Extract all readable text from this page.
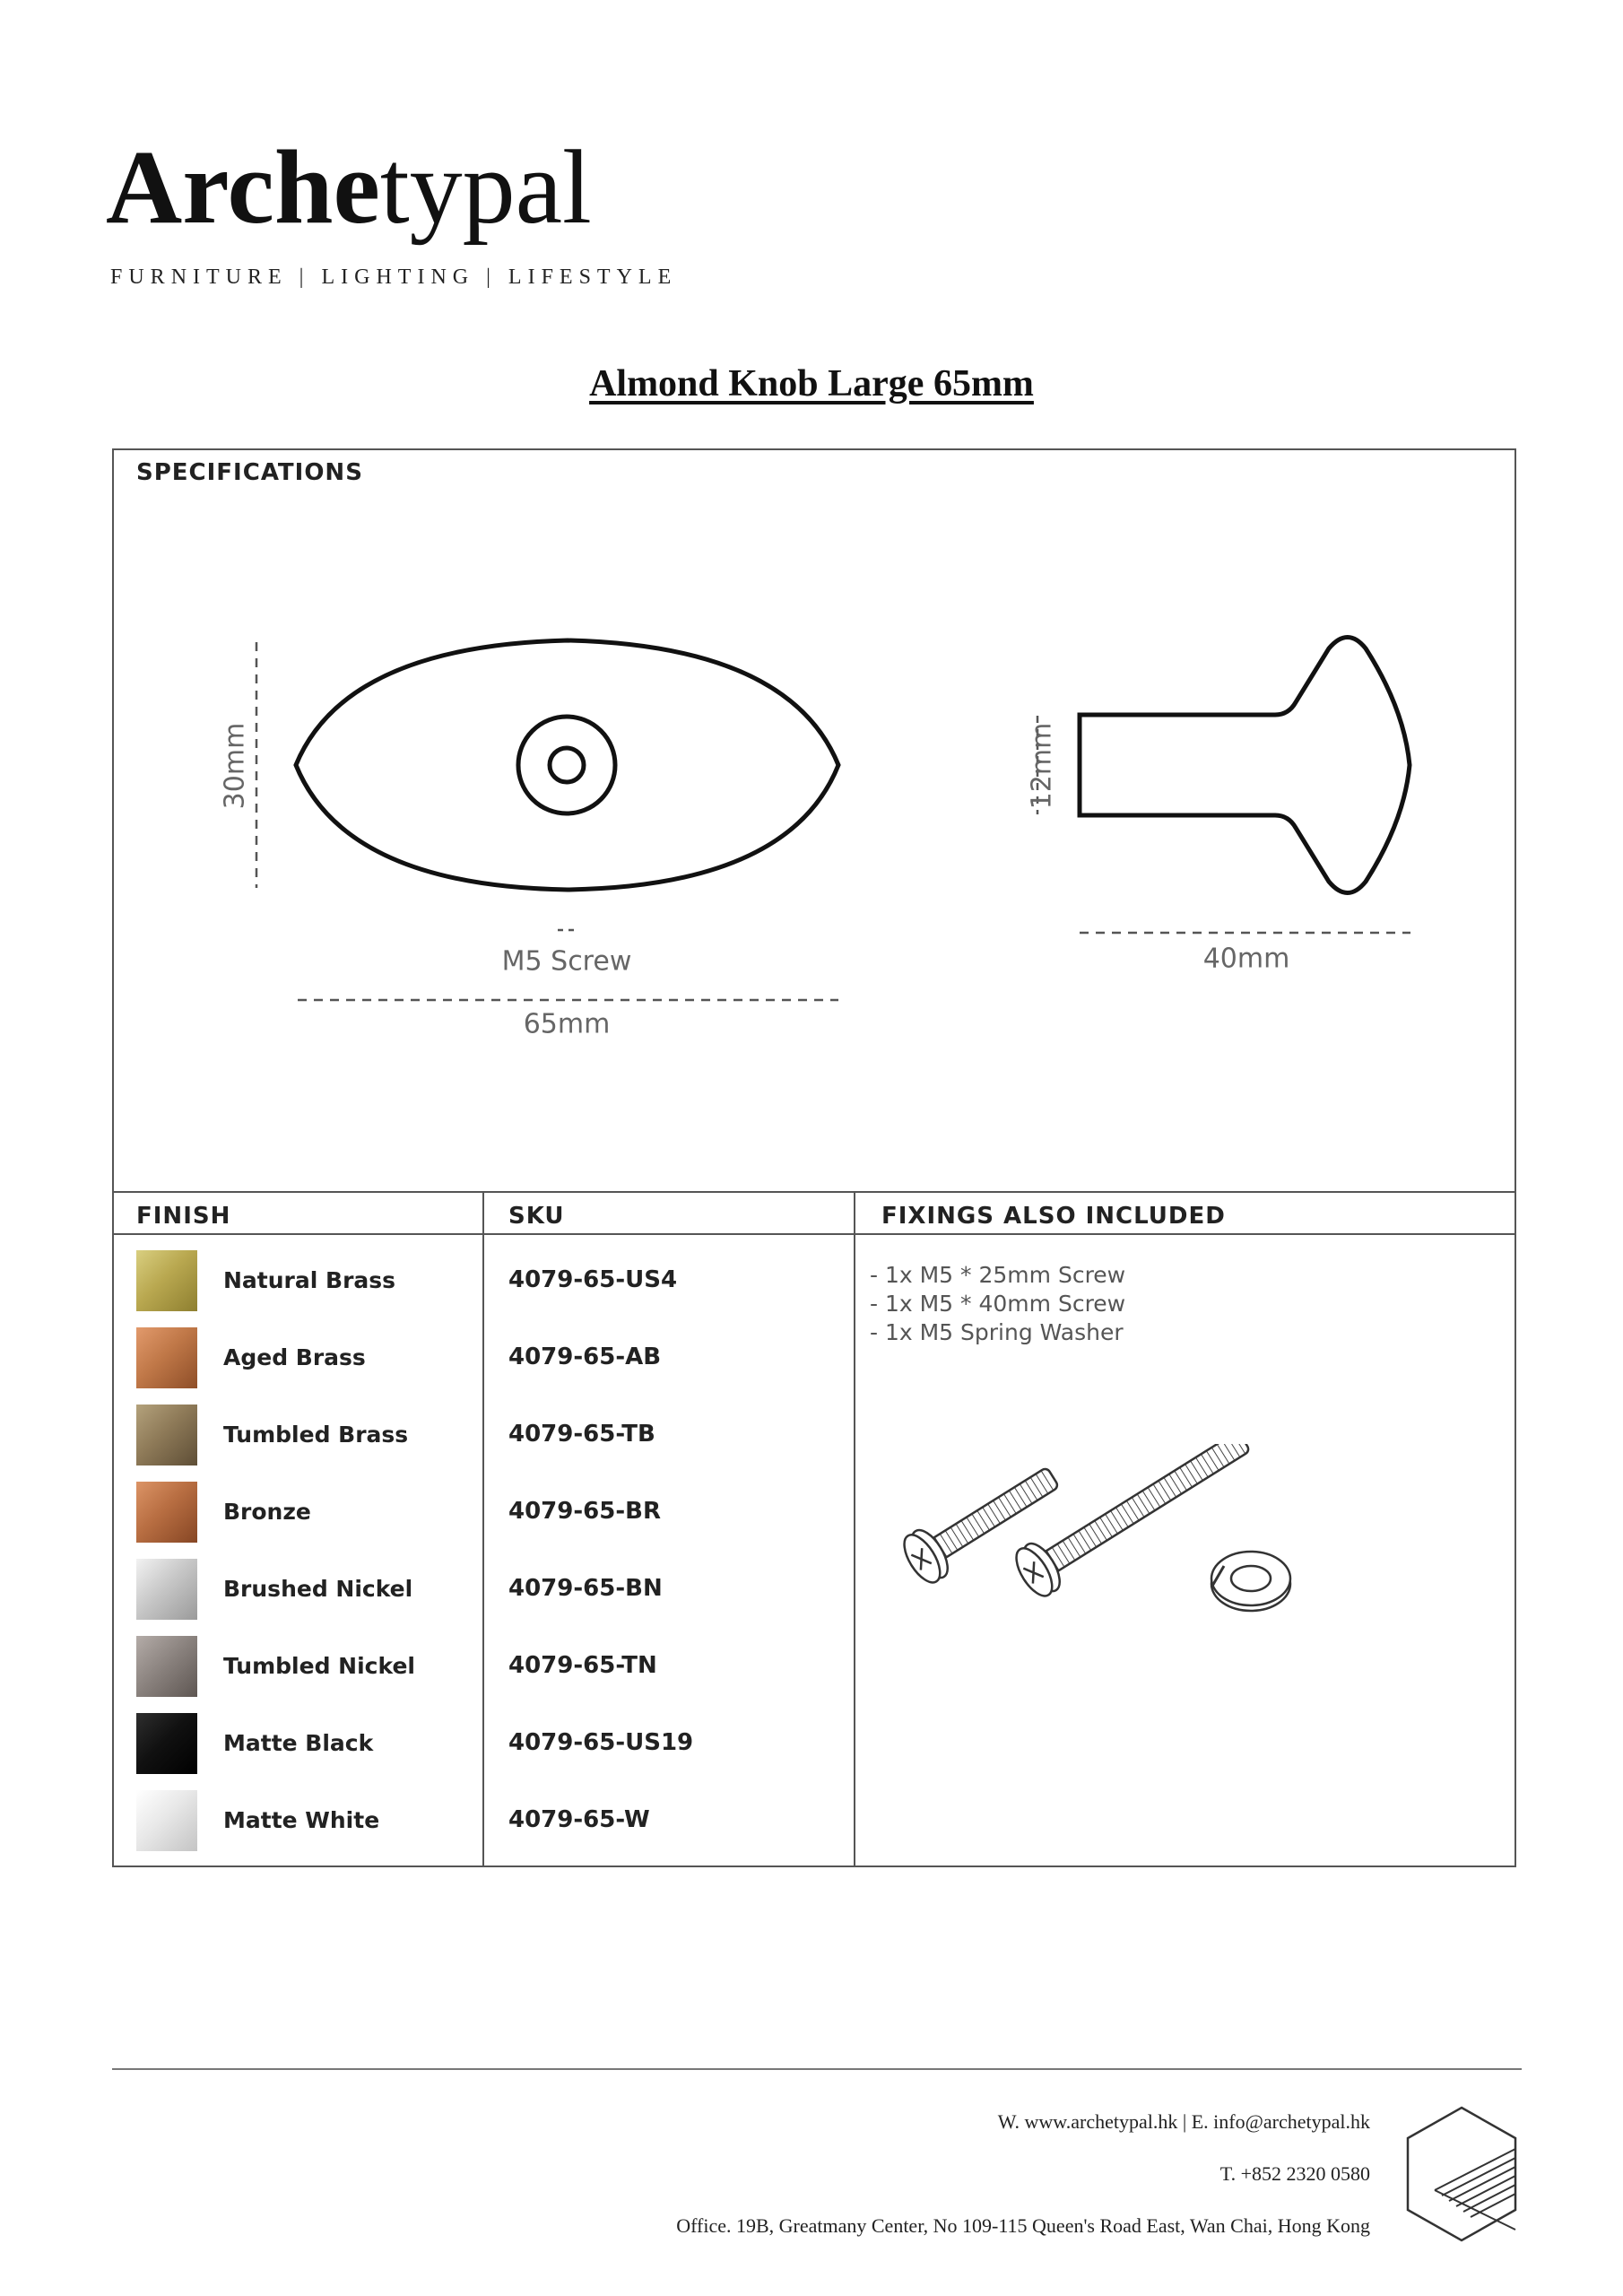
Archetypal
FURNITURE | LIGHTING | LIFESTYLE
Almond Knob Large 65mm
SPECIFICATIONS
30mm	12mm
M5 Screw
65mm
40mm
FINISH	SKU	FIXINGS ALSO INCLUDED
Natural Brass	4079-65-US4
Aged Brass	4079-65-AB
Tumbled Brass	4079-65-TB
Bronze	4079-65-BR
Brushed Nickel	4079-65-BN
Tumbled Nickel	4079-65-TN
Matte Black	4079-65-US19
Matte White	4079-65-W
- 1x M5 * 25mm Screw
- 1x M5 * 40mm Screw
- 1x M5 Spring Washer
W. www.archetypal.hk | E. info@archetypal.hk
T. +852 2320 0580
Office. 19B, Greatmany Center, No 109-115 Queen's Road East, Wan Chai, Hong Kong
